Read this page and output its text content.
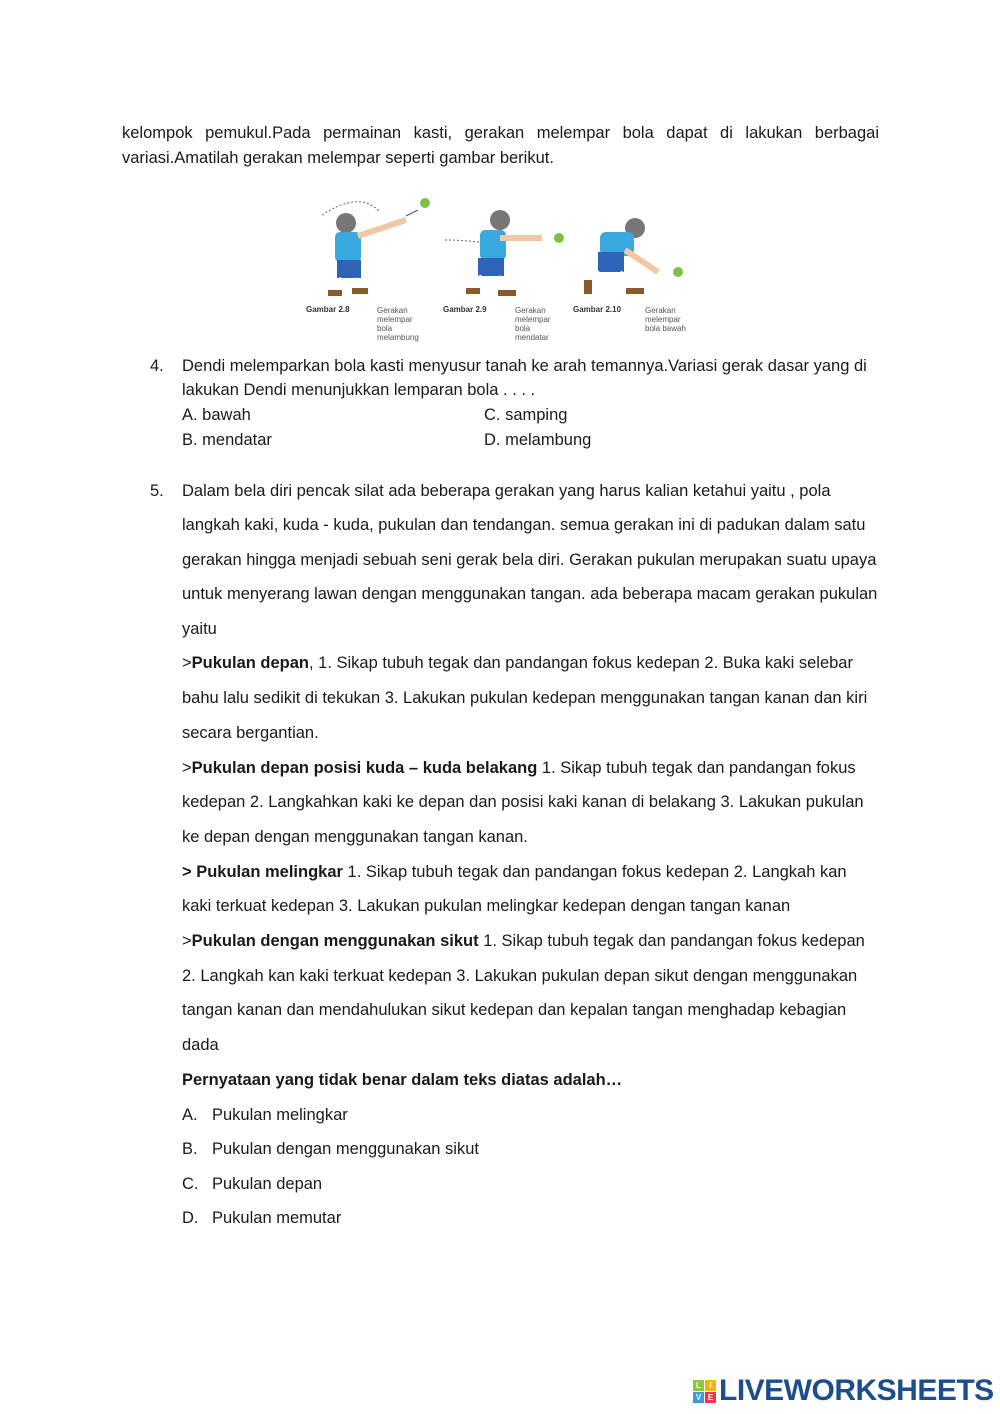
kelompok pemukul.Pada permainan kasti, gerakan melempar bola dapat di lakukan berbagai
variasi.Amatilah gerakan melempar seperti gambar berikut.
Gambar 2.8	Gerakan
melempar
bola
melambung
Gambar 2.9	Gerakan
melempar
bola
mendatar
Gambar 2.10	Gerakan
melempar
bola bawah
4. Dendi melemparkan bola kasti menyusur tanah ke arah temannya.Variasi gerak dasar yang di
lakukan Dendi menunjukkan lemparan bola . . . .
A. bawah	C. samping
B. mendatar	D. melambung
5. Dalam bela diri pencak silat ada beberapa gerakan yang harus kalian ketahui yaitu , pola
langkah kaki, kuda - kuda, pukulan dan tendangan. semua gerakan ini di padukan dalam satu
gerakan hingga menjadi sebuah seni gerak bela diri. Gerakan pukulan merupakan suatu upaya
untuk menyerang lawan dengan menggunakan tangan. ada beberapa macam gerakan pukulan
yaitu
>Pukulan depan, 1. Sikap tubuh tegak dan pandangan fokus kedepan 2. Buka kaki selebar
bahu lalu sedikit di tekukan 3. Lakukan pukulan kedepan menggunakan tangan kanan dan kiri
secara bergantian.
>Pukulan depan posisi kuda – kuda belakang 1. Sikap tubuh tegak dan pandangan fokus
kedepan 2. Langkahkan kaki ke depan dan posisi kaki kanan di belakang 3. Lakukan pukulan
ke depan dengan menggunakan tangan kanan.
> Pukulan melingkar 1. Sikap tubuh tegak dan pandangan fokus kedepan 2. Langkah kan
kaki terkuat kedepan 3. Lakukan pukulan melingkar kedepan dengan tangan kanan
>Pukulan dengan menggunakan sikut 1. Sikap tubuh tegak dan pandangan fokus kedepan
2. Langkah kan kaki terkuat kedepan 3. Lakukan pukulan depan sikut dengan menggunakan
tangan kanan dan mendahulukan sikut kedepan dan kepalan tangan menghadap kebagian
dada
Pernyataan yang tidak benar dalam teks diatas adalah…
A. Pukulan melingkar
B. Pukulan dengan menggunakan sikut
C. Pukulan depan
D. Pukulan memutar
L	I
V E LIVEWORKSHEETS
